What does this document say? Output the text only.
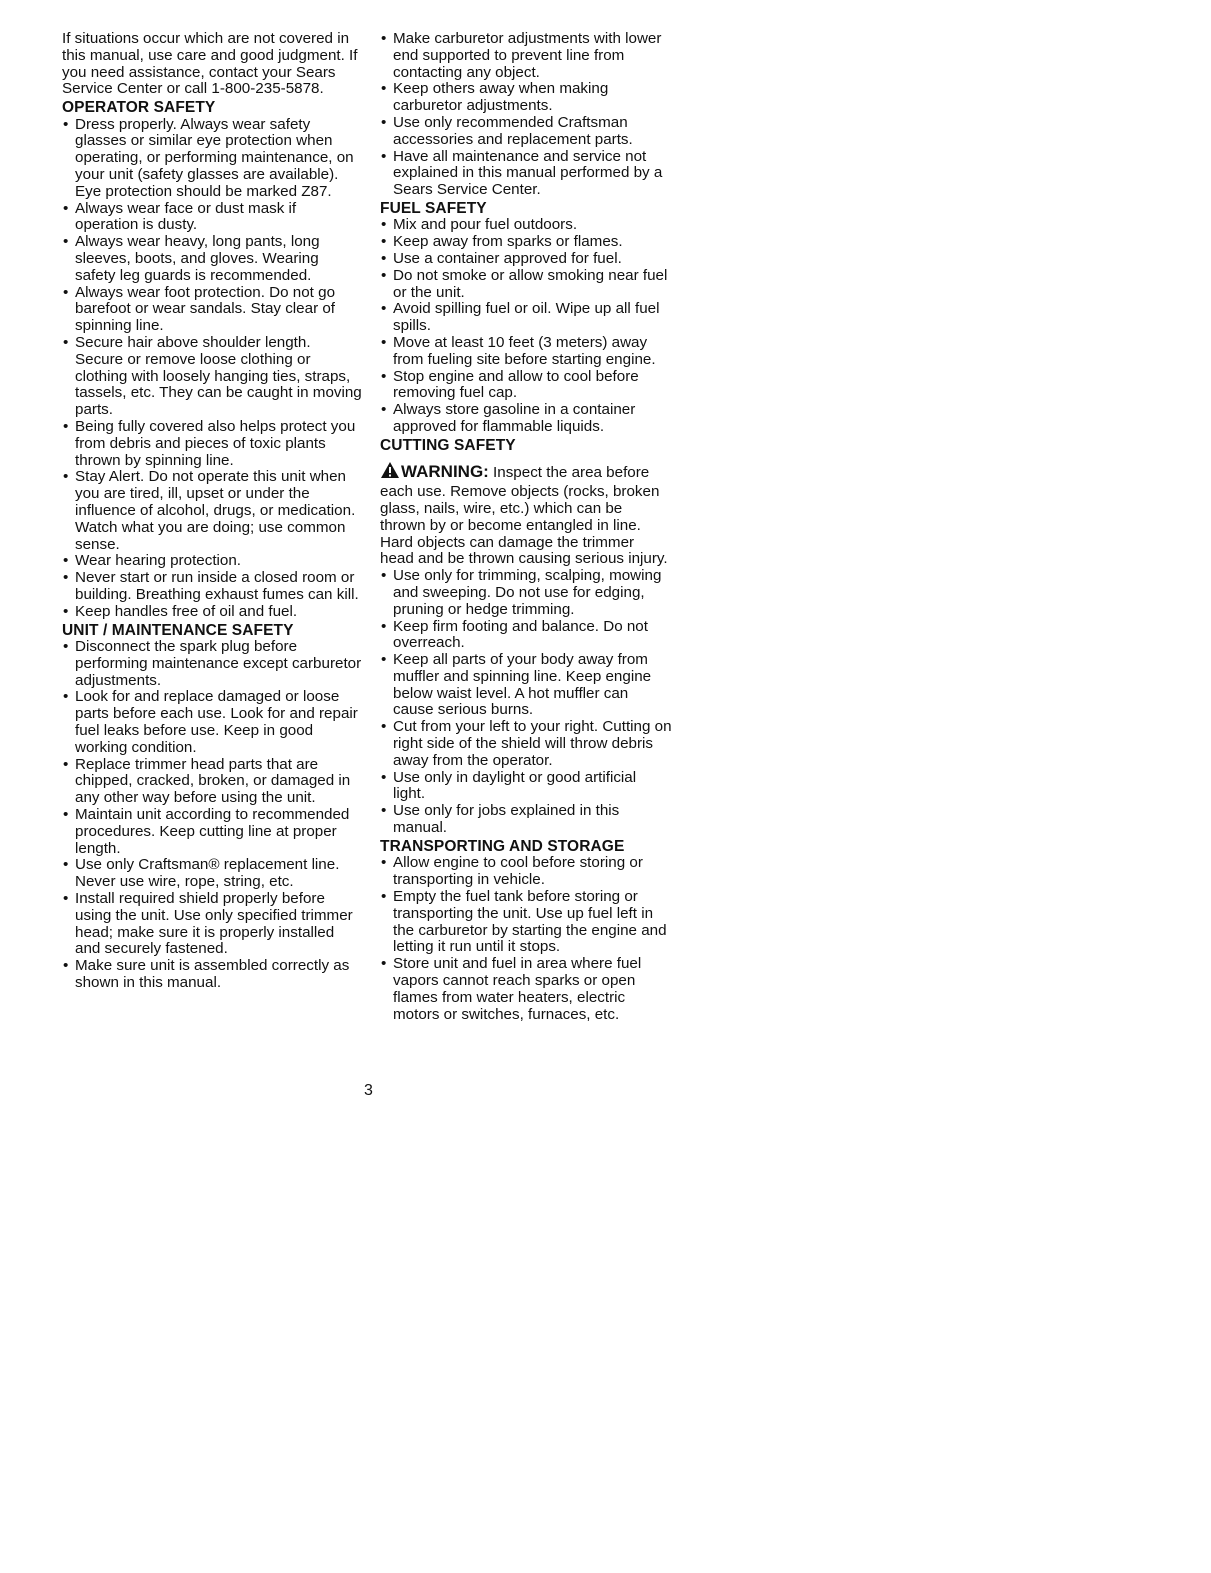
If situations occur which are not covered in this manual, use care and good judgment. If you need assistance, contact your Sears Service Center or call 1-800-235-5878.

OPERATOR SAFETY
• Dress properly. Always wear safety glasses or similar eye protection when operating, or performing maintenance, on your unit (safety glasses are available). Eye protection should be marked Z87.
• Always wear face or dust mask if operation is dusty.
• Always wear heavy, long pants, long sleeves, boots, and gloves. Wearing safety leg guards is recommended.
• Always wear foot protection. Do not go barefoot or wear sandals. Stay clear of spinning line.
• Secure hair above shoulder length. Secure or remove loose clothing or clothing with loosely hanging ties, straps, tassels, etc. They can be caught in moving parts.
• Being fully covered also helps protect you from debris and pieces of toxic plants thrown by spinning line.
• Stay Alert. Do not operate this unit when you are tired, ill, upset or under the influence of alcohol, drugs, or medication. Watch what you are doing; use common sense.
• Wear hearing protection.
• Never start or run inside a closed room or building. Breathing exhaust fumes can kill.
• Keep handles free of oil and fuel.
UNIT / MAINTENANCE SAFETY
• Disconnect the spark plug before performing maintenance except carburetor adjustments.
• Look for and replace damaged or loose parts before each use. Look for and repair fuel leaks before use. Keep in good working condition.
• Replace trimmer head parts that are chipped, cracked, broken, or damaged in any other way before using the unit.
• Maintain unit according to recommended procedures. Keep cutting line at proper length.
• Use only Craftsman® replacement line. Never use wire, rope, string, etc.
• Install required shield properly before using the unit. Use only specified trimmer head; make sure it is properly installed and securely fastened.
• Make sure unit is assembled correctly as shown in this manual.
• Make carburetor adjustments with lower end supported to prevent line from contacting any object.
• Keep others away when making carburetor adjustments.
• Use only recommended Craftsman accessories and replacement parts.
• Have all maintenance and service not explained in this manual performed by a Sears Service Center.
FUEL SAFETY
• Mix and pour fuel outdoors.
• Keep away from sparks or flames.
• Use a container approved for fuel.
• Do not smoke or allow smoking near fuel or the unit.
• Avoid spilling fuel or oil. Wipe up all fuel spills.
• Move at least 10 feet (3 meters) away from fueling site before starting engine.
• Stop engine and allow to cool before removing fuel cap.
• Always store gasoline in a container approved for flammable liquids.
CUTTING SAFETY

WARNING: Inspect the area before each use. Remove objects (rocks, broken glass, nails, wire, etc.) which can be thrown by or become entangled in line. Hard objects can damage the trimmer head and be thrown causing serious injury.

• Use only for trimming, scalping, mowing and sweeping. Do not use for edging, pruning or hedge trimming.
• Keep firm footing and balance. Do not overreach.
• Keep all parts of your body away from muffler and spinning line. Keep engine below waist level. A hot muffler can cause serious burns.
• Cut from your left to your right. Cutting on right side of the shield will throw debris away from the operator.
• Use only in daylight or good artificial light.
• Use only for jobs explained in this manual.
TRANSPORTING AND STORAGE
• Allow engine to cool before storing or transporting in vehicle.
• Empty the fuel tank before storing or transporting the unit. Use up fuel left in the carburetor by starting the engine and letting it run until it stops.
• Store unit and fuel in area where fuel vapors cannot reach sparks or open flames from water heaters, electric motors or switches, furnaces, etc.
3
